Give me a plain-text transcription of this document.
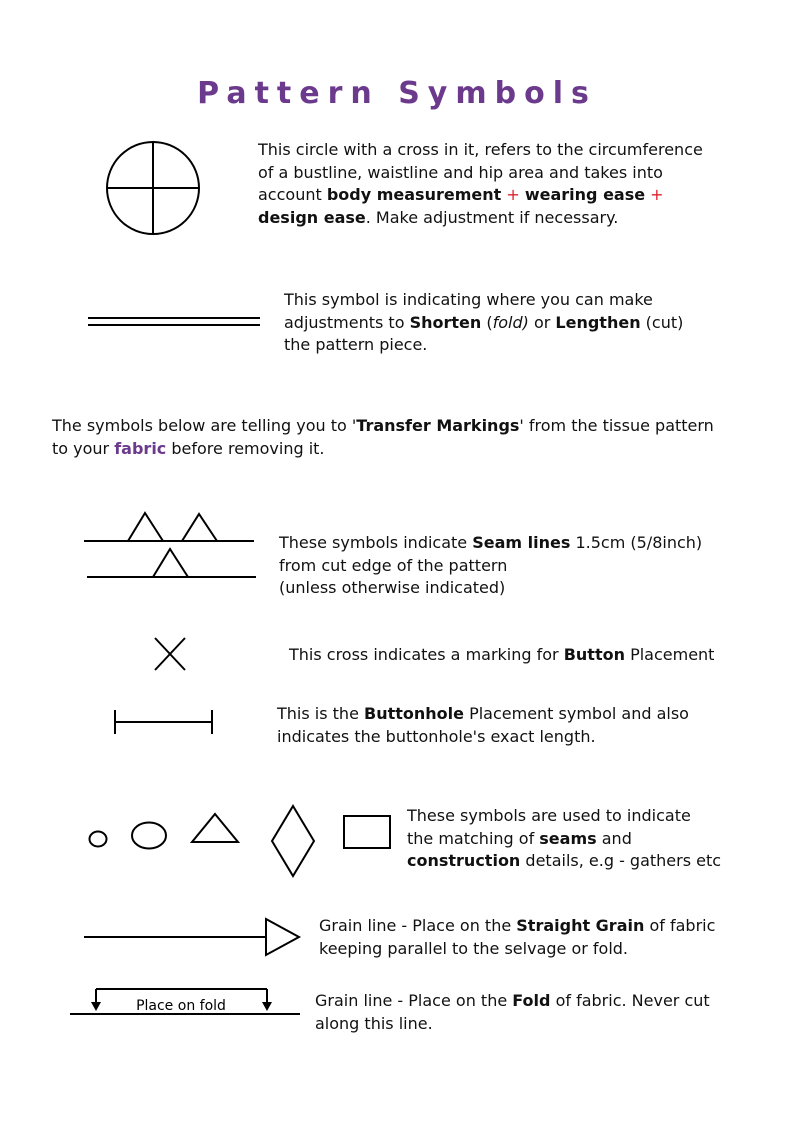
Pattern Symbols
This circle with a cross in it, refers to the circumference
of a bustline, waistline and hip area and takes into
account body measurement + wearing ease +
design ease. Make adjustment if necessary.
This symbol is indicating where you can make
adjustments to Shorten (fold) or Lengthen (cut)
the pattern piece.
The symbols below are telling you to 'Transfer Markings' from the tissue pattern
to your fabric before removing it.
These symbols indicate Seam lines 1.5cm (5/8inch)
from cut edge of the pattern
(unless otherwise indicated)
This cross indicates a marking for Button Placement
This is the Buttonhole Placement symbol and also
indicates the buttonhole's exact length.
These symbols are used to indicate
the matching of seams and
construction details, e.g - gathers etc
Grain line - Place on the Straight Grain of fabric
keeping parallel to the selvage or fold.
Place on fold	Grain line - Place on the Fold of fabric. Never cut
along this line.
